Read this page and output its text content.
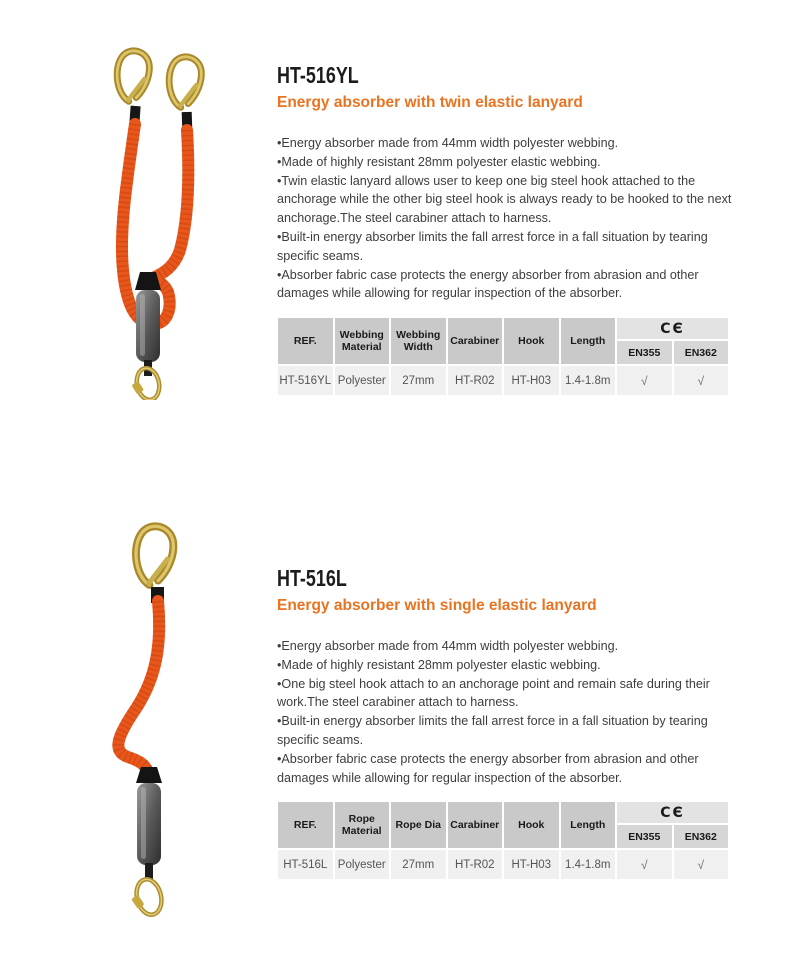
HT-516YL

Energy absorber with twin elastic lanyard

•Energy absorber made from 44mm width polyester webbing.
•Made of highly resistant 28mm polyester elastic webbing.
•Twin elastic lanyard allows user to keep one big steel hook attached to the anchorage while the other big steel hook is always ready to be hooked to the next anchorage.The steel carabiner attach to harness.
•Built-in energy absorber limits the fall arrest force in a fall situation by tearing specific seams.
•Absorber fabric case protects the energy absorber from abrasion and other damages while allowing for regular inspection of the absorber.
REF.	Webbing Material	Webbing Width	Carabiner	Hook	Length	CЄ	
						EN355	EN362
HT-516YL	Polyester	27mm	HT-R02	HT-H03	1.4-1.8m	√	√
HT-516L

Energy absorber with single elastic lanyard

•Energy absorber made from 44mm width polyester webbing.
•Made of highly resistant 28mm polyester elastic webbing.
•One big steel hook attach to an anchorage point and remain safe during their work.The steel carabiner attach to harness.
•Built-in energy absorber limits the fall arrest force in a fall situation by tearing specific seams.
•Absorber fabric case protects the energy absorber from abrasion and other damages while allowing for regular inspection of the absorber.
REF.	Rope Material	Rope Dia	Carabiner	Hook	Length	CЄ	
						EN355	EN362
HT-516L	Polyester	27mm	HT-R02	HT-H03	1.4-1.8m	√	√
